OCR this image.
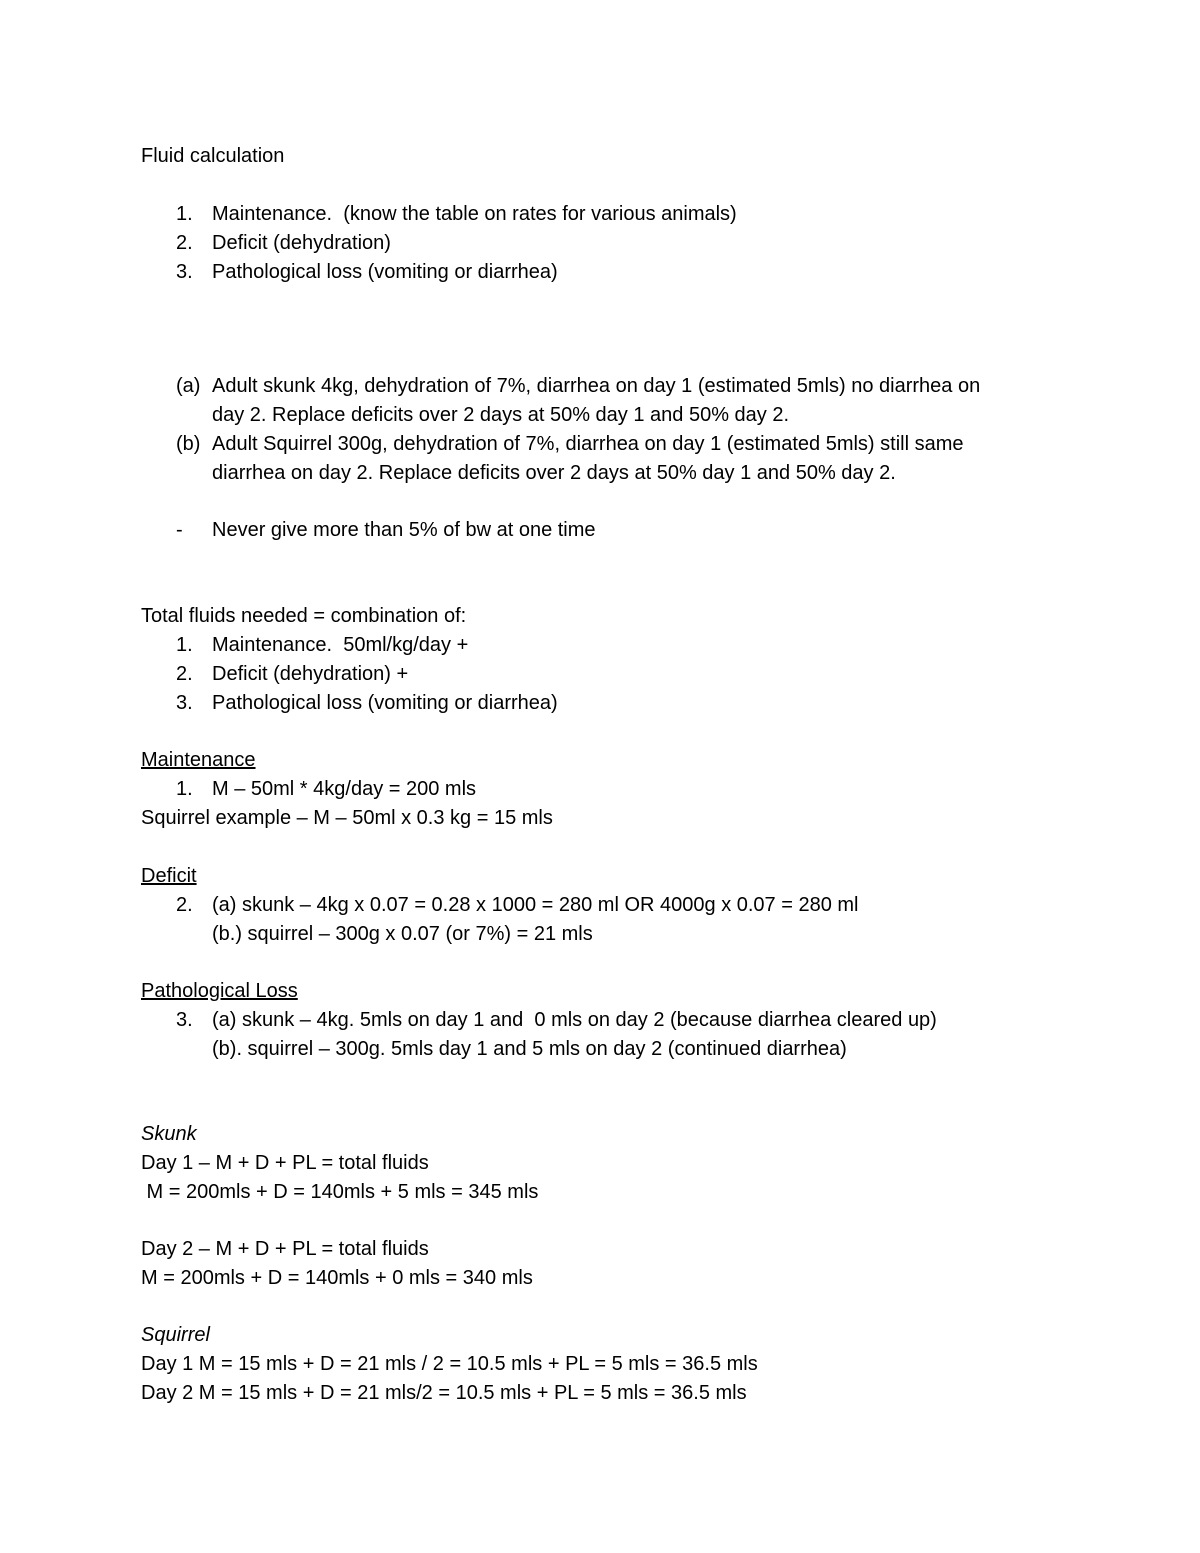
Fluid calculation
1. Maintenance.  (know the table on rates for various animals)
2. Deficit (dehydration)
3. Pathological loss (vomiting or diarrhea)
(a) Adult skunk 4kg, dehydration of 7%, diarrhea on day 1 (estimated 5mls) no diarrhea on
day 2. Replace deficits over 2 days at 50% day 1 and 50% day 2.
(b) Adult Squirrel 300g, dehydration of 7%, diarrhea on day 1 (estimated 5mls) still same
diarrhea on day 2. Replace deficits over 2 days at 50% day 1 and 50% day 2.
- Never give more than 5% of bw at one time
Total fluids needed = combination of:
1. Maintenance.  50ml/kg/day +
2. Deficit (dehydration) +
3. Pathological loss (vomiting or diarrhea)
Maintenance
1. M – 50ml * 4kg/day = 200 mls
Squirrel example – M – 50ml x 0.3 kg = 15 mls
Deficit
2. (a) skunk – 4kg x 0.07 = 0.28 x 1000 = 280 ml OR 4000g x 0.07 = 280 ml
(b.) squirrel – 300g x 0.07 (or 7%) = 21 mls
Pathological Loss
3. (a) skunk – 4kg. 5mls on day 1 and  0 mls on day 2 (because diarrhea cleared up)
(b). squirrel – 300g. 5mls day 1 and 5 mls on day 2 (continued diarrhea)
Skunk
Day 1 – M + D + PL = total fluids
M = 200mls + D = 140mls + 5 mls = 345 mls
Day 2 – M + D + PL = total fluids
M = 200mls + D = 140mls + 0 mls = 340 mls
Squirrel
Day 1 M = 15 mls + D = 21 mls / 2 = 10.5 mls + PL = 5 mls = 36.5 mls
Day 2 M = 15 mls + D = 21 mls/2 = 10.5 mls + PL = 5 mls = 36.5 mls
